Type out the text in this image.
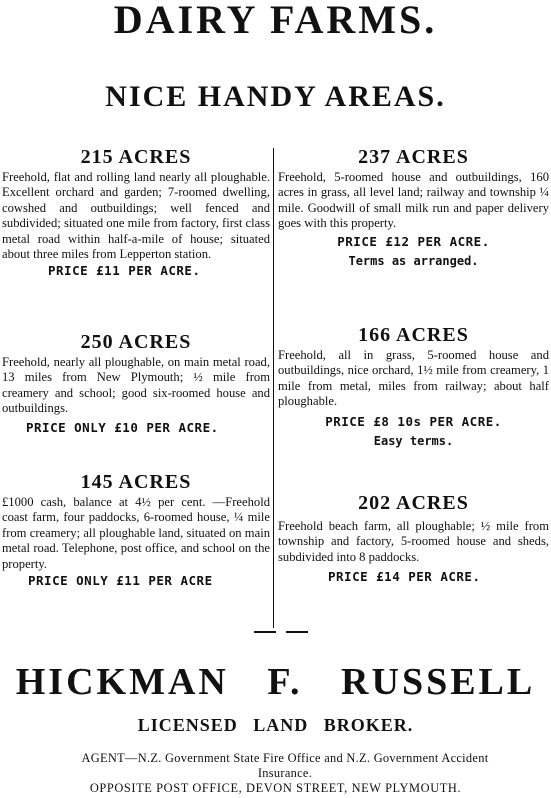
DAIRY FARMS.
NICE HANDY AREAS.

215 ACRES

Freehold, flat and rolling land nearly all ploughable. Excellent orchard and garden; 7-roomed dwelling, cowshed and outbuildings; well fenced and subdivided; situated one mile from factory, first class metal road within half-a-mile of house; situated about three miles from Lepperton station.

PRICE £11 PER ACRE.

250 ACRES

Freehold, nearly all ploughable, on main metal road, 13 miles from New Plymouth; ½ mile from creamery and school; good six-roomed house and outbuildings.

PRICE ONLY £10 PER ACRE.

145 ACRES

£1000 cash, balance at 4½ per cent. —Freehold coast farm, four paddocks, 6-roomed house, ¼ mile from creamery; all ploughable land, situated on main metal road. Telephone, post office, and school on the property.

PRICE ONLY £11 PER ACRE

237 ACRES

Freehold, 5-roomed house and outbuildings, 160 acres in grass, all level land; railway and township ¼ mile. Goodwill of small milk run and paper delivery goes with this property.

PRICE £12 PER ACRE.

Terms as arranged.

166 ACRES

Freehold, all in grass, 5-roomed house and outbuildings, nice orchard, 1½ mile from creamery, 1 mile from metal, miles from railway; about half ploughable.

PRICE £8 10s PER ACRE.

Easy terms.

202 ACRES

Freehold beach farm, all ploughable; ½ mile from township and factory, 5-roomed house and sheds, subdivided into 8 paddocks.

PRICE £14 PER ACRE.

HICKMAN F. RUSSELL
LICENSED LAND BROKER.
AGENT—N.Z. Government State Fire Office and N.Z. Government Accident Insurance.
OPPOSITE POST OFFICE, DEVON STREET, NEW PLYMOUTH.
